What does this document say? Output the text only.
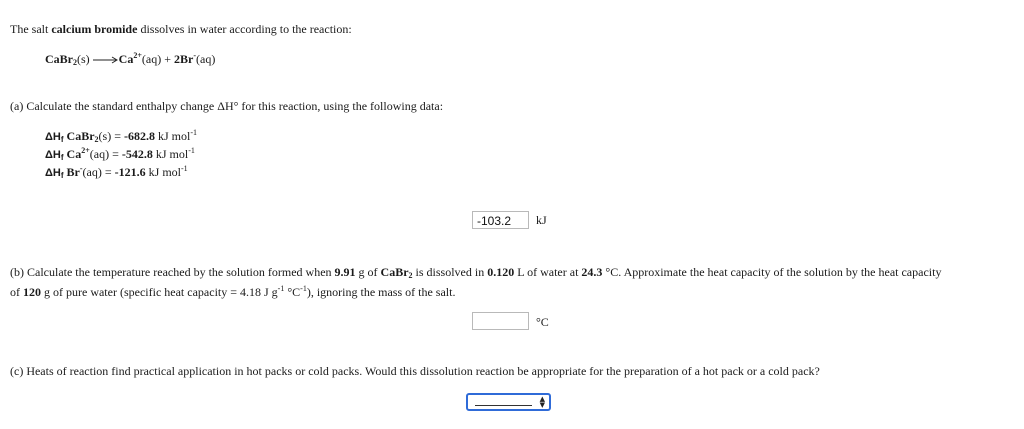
The salt calcium bromide dissolves in water according to the reaction:
CaBr$_2$(s) $\to Ca^{2+}(aq) + 2Br^-(aq)$
(a) Calculate the standard enthalpy change ΔH° for this reaction, using the following data:
$\Delta H_f$ CaBr$_2$(s) = -682.8 kJ mol$^{-1}$
$\Delta H_f$ $Ca^{2+}(aq) = -542.8$ kJ mol$^{-1}$
$\Delta H_f$ Br-(aq) = -121.6 kJ mol$^{-1}$
-103.2	kJ
(b) Calculate the temperature reached by the solution formed when 9.91 g of CaBr$_2$ is dissolved in 0.120 L of water at 24.3 °C. Approximate the heat capacity of the solution by the heat capacity
of 120 g of pure water (specific heat capacity = 4.18 J $g^{-1}$ $^\circ C^{-1}$), ignoring the mass of the salt.
°C
(c) Heats of reaction find practical application in hot packs or cold packs. Would this dissolution reaction be appropriate for the preparation of a hot pack or a cold pack?
▲
▼
